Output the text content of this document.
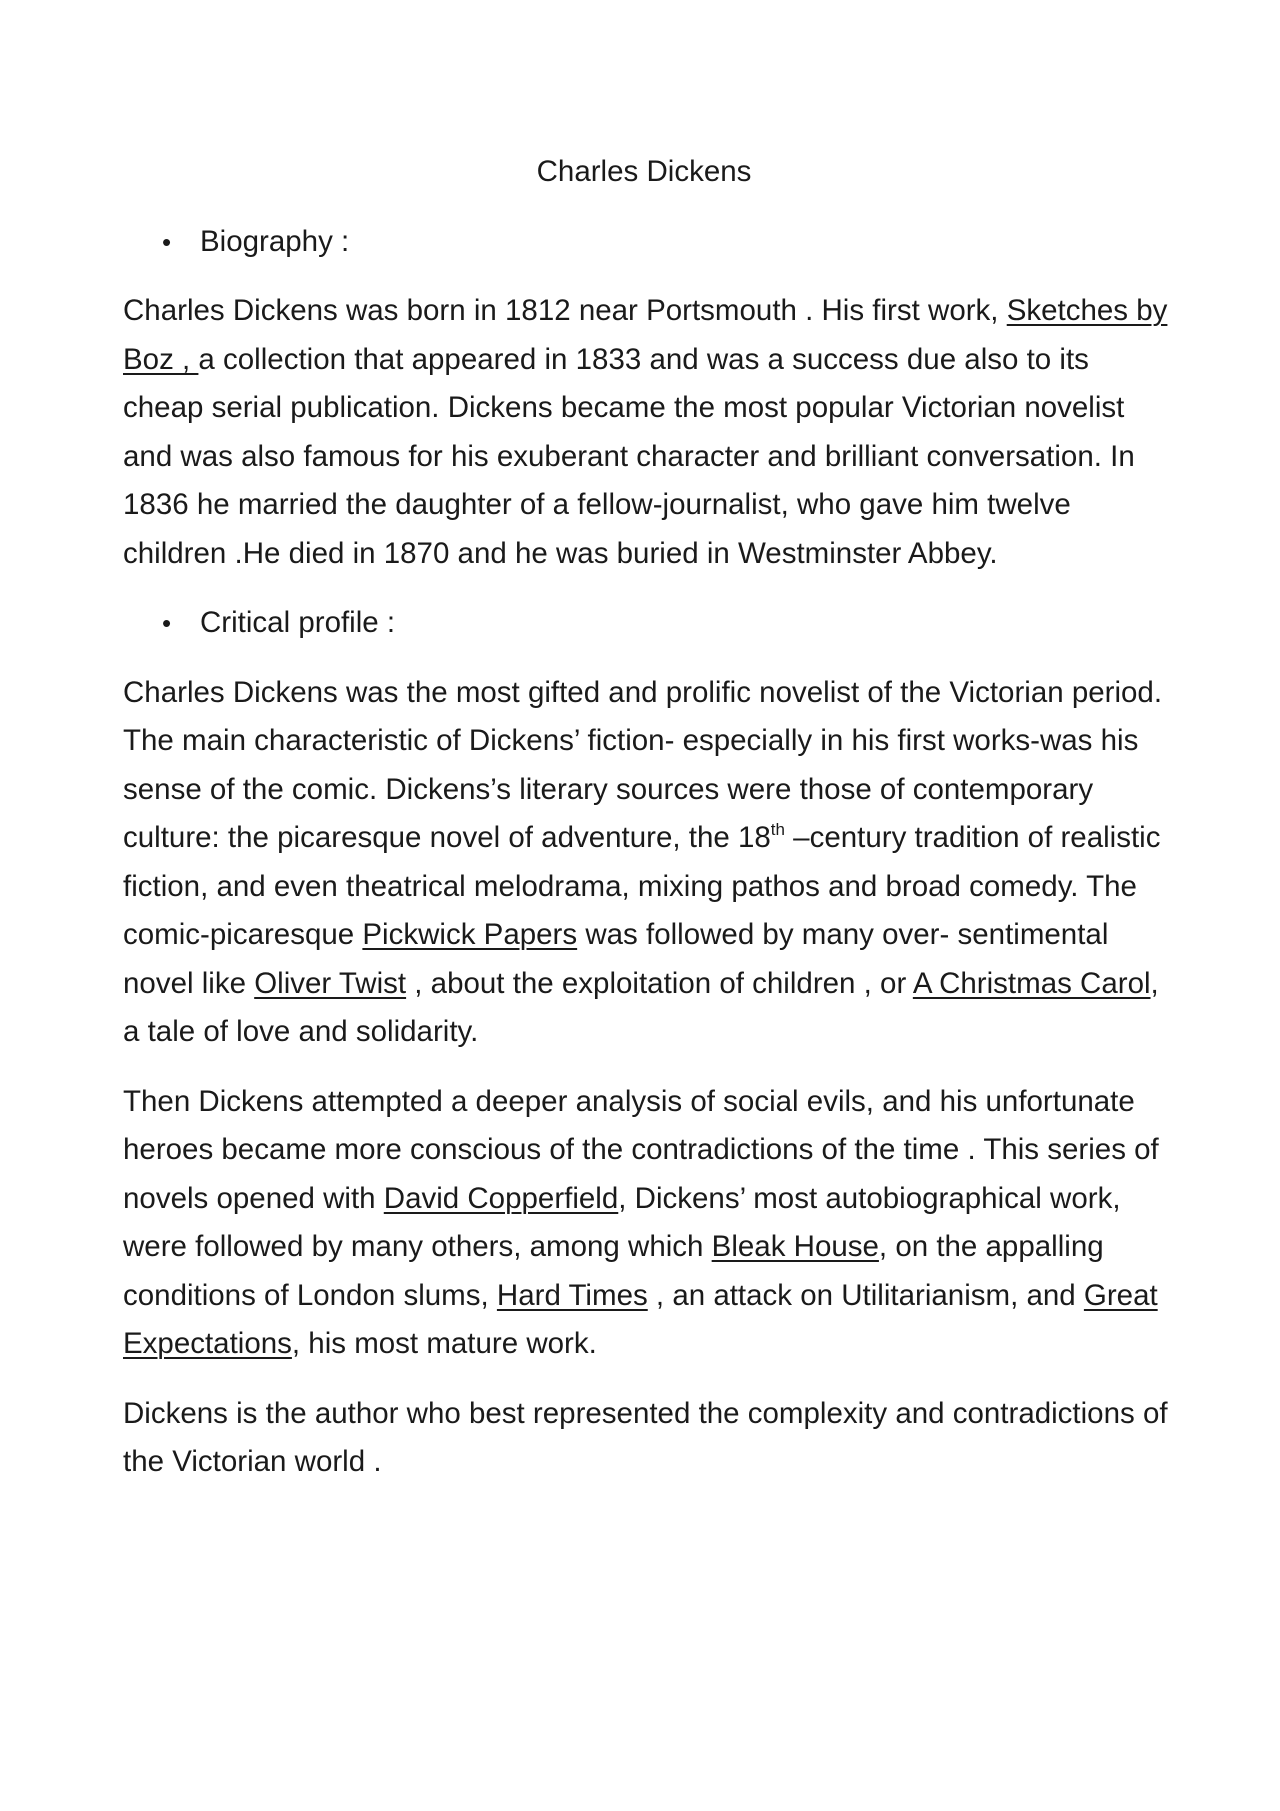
Charles Dickens
• Biography :

Charles Dickens was born in 1812 near Portsmouth . His first work, Sketches by Boz , a collection that appeared in 1833 and was a success due also to its cheap serial publication. Dickens became the most popular Victorian novelist and was also famous for his exuberant character and brilliant conversation. In 1836 he married the daughter of a fellow-journalist, who gave him twelve children .He died in 1870 and he was buried in Westminster Abbey.

• Critical profile :

Charles Dickens was the most gifted and prolific novelist of the Victorian period. The main characteristic of Dickens’ fiction- especially in his first works-was his sense of the comic. Dickens’s literary sources were those of contemporary culture: the picaresque novel of adventure, the 18th –century tradition of realistic fiction, and even theatrical melodrama, mixing pathos and broad comedy. The comic-picaresque Pickwick Papers was followed by many over- sentimental novel like Oliver Twist , about the exploitation of children , or A Christmas Carol, a tale of love and solidarity.

Then Dickens attempted a deeper analysis of social evils, and his unfortunate heroes became more conscious of the contradictions of the time . This series of novels opened with David Copperfield, Dickens’ most autobiographical work, were followed by many others, among which Bleak House, on the appalling conditions of London slums, Hard Times , an attack on Utilitarianism, and Great Expectations, his most mature work.

Dickens is the author who best represented the complexity and contradictions of the Victorian world .
